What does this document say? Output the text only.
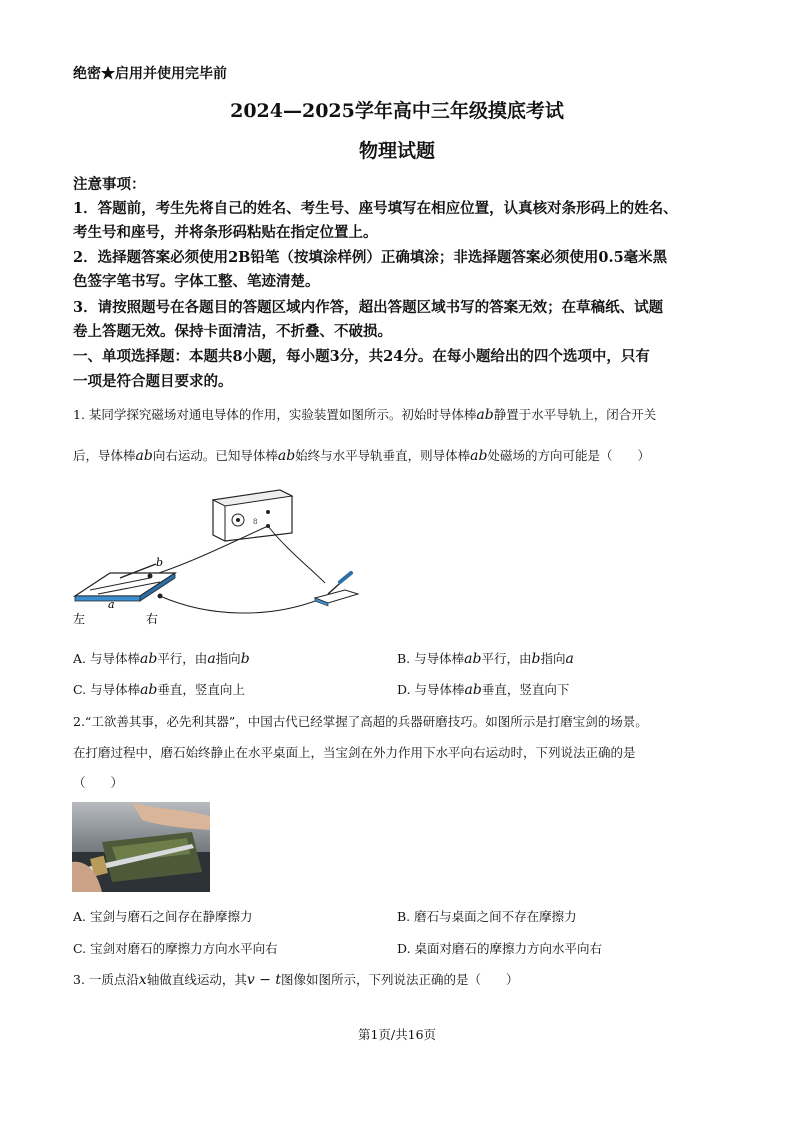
绝密★启用并使用完毕前
2024—2025学年高中三年级摸底考试
物理试题
注意事项：
1．答题前，考生先将自己的姓名、考生号、座号填写在相应位置，认真核对条形码上的姓名、
考生号和座号，并将条形码粘贴在指定位置上。
2．选择题答案必须使用2B铅笔（按填涂样例）正确填涂；非选择题答案必须使用0.5毫米黑
色签字笔书写。字体工整、笔迹清楚。
3．请按照题号在各题目的答题区域内作答，超出答题区域书写的答案无效；在草稿纸、试题
卷上答题无效。保持卡面清洁，不折叠、不破损。
一、单项选择题：本题共8小题，每小题3分，共24分。在每小题给出的四个选项中，只有
一项是符合题目要求的。
1. 某同学探究磁场对通电导体的作用，实验装置如图所示。初始时导体棒ab静置于水平导轨上，闭合开关
后，导体棒ab向右运动。已知导体棒ab始终与水平导轨垂直，则导体棒ab处磁场的方向可能是（　　）
8
b
a
左	右
A. 与导体棒ab平行，由a指向b	B. 与导体棒ab平行，由b指向a
C. 与导体棒ab垂直，竖直向上	D. 与导体棒ab垂直，竖直向下
2.“工欲善其事，必先利其器”，中国古代已经掌握了高超的兵器研磨技巧。如图所示是打磨宝剑的场景。
在打磨过程中，磨石始终静止在水平桌面上，当宝剑在外力作用下水平向右运动时，下列说法正确的是
（　　）
A. 宝剑与磨石之间存在静摩擦力	B. 磨石与桌面之间不存在摩擦力
C. 宝剑对磨石的摩擦力方向水平向右	D. 桌面对磨石的摩擦力方向水平向右
3. 一质点沿x轴做直线运动，其v − t图像如图所示，下列说法正确的是（　　）
第1页/共16页
